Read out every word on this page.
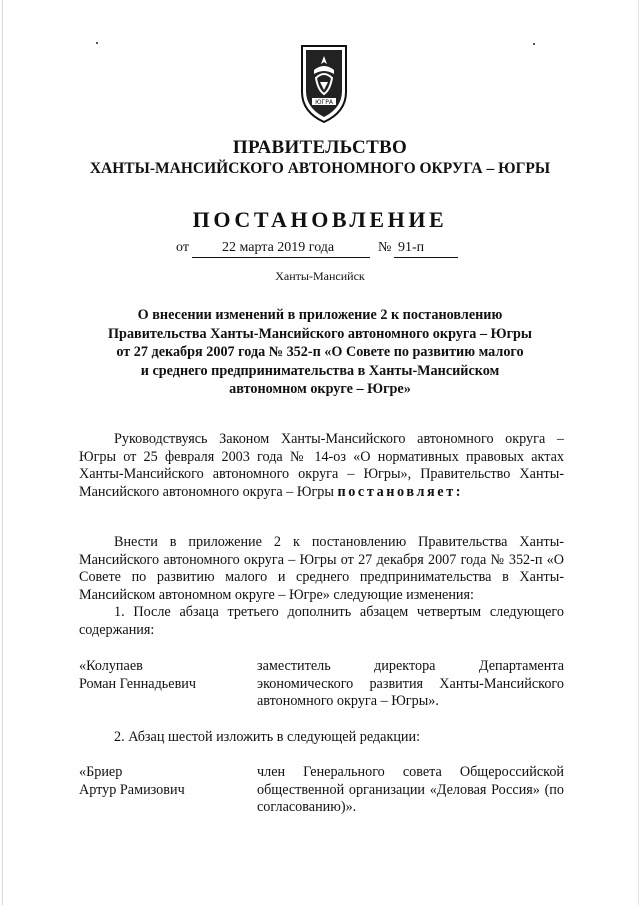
ЮГРА
ПРАВИТЕЛЬСТВО
ХАНТЫ-МАНСИЙСКОГО АВТОНОМНОГО ОКРУГА – ЮГРЫ
ПОСТАНОВЛЕНИЕ
от 22 марта 2019 года	№ 91-п
Ханты-Мансийск
О внесении изменений в приложение 2 к постановлению
Правительства Ханты-Мансийского автономного округа – Югры
от 27 декабря 2007 года № 352-п «О Совете по развитию малого
и среднего предпринимательства в Ханты-Мансийском
автономном округе – Югре»
Руководствуясь Законом Ханты-Мансийского автономного округа – Югры от 25 февраля 2003 года № 14-оз «О нормативных правовых актах Ханты-Мансийского автономного округа – Югры», Правительство Ханты-Мансийского автономного округа – Югры постановляет:
Внести в приложение 2 к постановлению Правительства Ханты-Мансийского автономного округа – Югры от 27 декабря 2007 года № 352-п «О Совете по развитию малого и среднего предпринимательства в Ханты-Мансийском автономном округе – Югре» следующие изменения:
1. После абзаца третьего дополнить абзацем четвертым следующего содержания:
«Колупаев
Роман Геннадьевич
заместитель директора Департамента экономического развития Ханты-Мансийского автономного округа – Югры».
2. Абзац шестой изложить в следующей редакции:
«Бриер
Артур Рамизович
член Генерального совета Общероссийской общественной организации «Деловая Россия» (по согласованию)».
